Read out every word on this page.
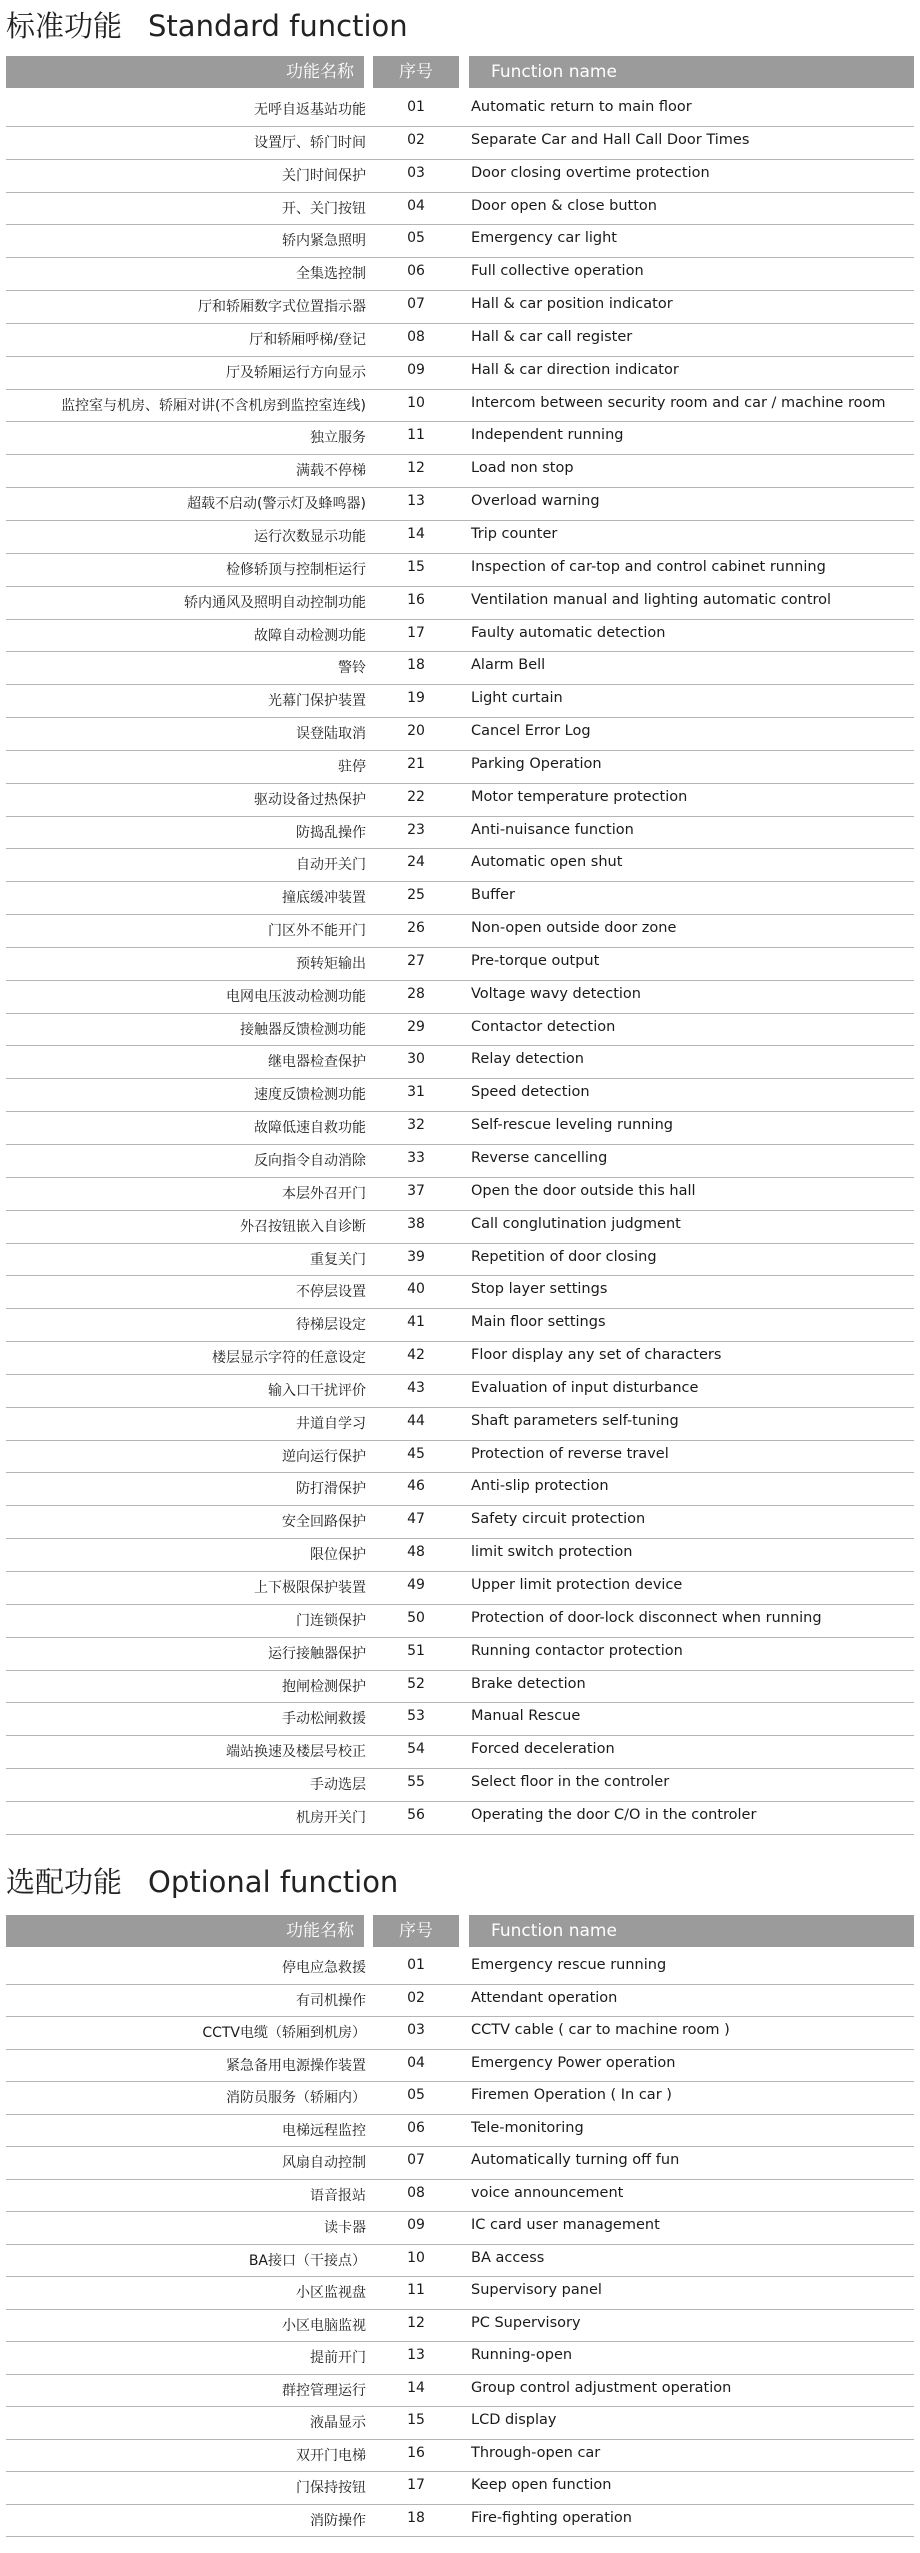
标准功能 Standard function
功能名称	序号	Function name
无呼自返基站功能	01	Automatic return to main floor
设置厅、轿门时间	02	Separate Car and Hall Call Door Times
关门时间保护	03	Door closing overtime protection
开、关门按钮	04	Door open & close button
轿内紧急照明	05	Emergency car light
全集选控制	06	Full collective operation
厅和轿厢数字式位置指示器	07	Hall & car position indicator
厅和轿厢呼梯/登记	08	Hall & car call register
厅及轿厢运行方向显示	09	Hall & car direction indicator
监控室与机房、轿厢对讲(不含机房到监控室连线)	10	Intercom between security room and car / machine room
独立服务	11	Independent running
满载不停梯	12	Load non stop
超载不启动(警示灯及蜂鸣器)	13	Overload warning
运行次数显示功能	14	Trip counter
检修轿顶与控制柜运行	15	Inspection of car-top and control cabinet running
轿内通风及照明自动控制功能	16	Ventilation manual and lighting automatic control
故障自动检测功能	17	Faulty automatic detection
警铃	18	Alarm Bell
光幕门保护装置	19	Light curtain
误登陆取消	20	Cancel Error Log
驻停	21	Parking Operation
驱动设备过热保护	22	Motor temperature protection
防捣乱操作	23	Anti-nuisance function
自动开关门	24	Automatic open shut
撞底缓冲装置	25	Buffer
门区外不能开门	26	Non-open outside door zone
预转矩输出	27	Pre-torque output
电网电压波动检测功能	28	Voltage wavy detection
接触器反馈检测功能	29	Contactor detection
继电器检查保护	30	Relay detection
速度反馈检测功能	31	Speed detection
故障低速自救功能	32	Self-rescue leveling running
反向指令自动消除	33	Reverse cancelling
本层外召开门	37	Open the door outside this hall
外召按钮嵌入自诊断	38	Call conglutination judgment
重复关门	39	Repetition of door closing
不停层设置	40	Stop layer settings
待梯层设定	41	Main floor settings
楼层显示字符的任意设定	42	Floor display any set of characters
输入口干扰评价	43	Evaluation of input disturbance
井道自学习	44	Shaft parameters self-tuning
逆向运行保护	45	Protection of reverse travel
防打滑保护	46	Anti-slip protection
安全回路保护	47	Safety circuit protection
限位保护	48	limit switch protection
上下极限保护装置	49	Upper limit protection device
门连锁保护	50	Protection of door-lock disconnect when running
运行接触器保护	51	Running contactor protection
抱闸检测保护	52	Brake detection
手动松闸救援	53	Manual Rescue
端站换速及楼层号校正	54	Forced deceleration
手动选层	55	Select floor in the controler
机房开关门	56	Operating the door C/O in the controler
选配功能 Optional function
功能名称	序号	Function name
停电应急救援	01	Emergency rescue running
有司机操作	02	Attendant operation
CCTV电缆（轿厢到机房）	03	CCTV cable ( car to machine room )
紧急备用电源操作装置	04	Emergency Power operation
消防员服务（轿厢内）	05	Firemen Operation ( In car )
电梯远程监控	06	Tele-monitoring
风扇自动控制	07	Automatically turning off fun
语音报站	08	voice announcement
读卡器	09	IC card user management
BA接口（干接点）	10	BA access
小区监视盘	11	Supervisory panel
小区电脑监视	12	PC Supervisory
提前开门	13	Running-open
群控管理运行	14	Group control adjustment operation
液晶显示	15	LCD display
双开门电梯	16	Through-open car
门保持按钮	17	Keep open function
消防操作	18	Fire-fighting operation
